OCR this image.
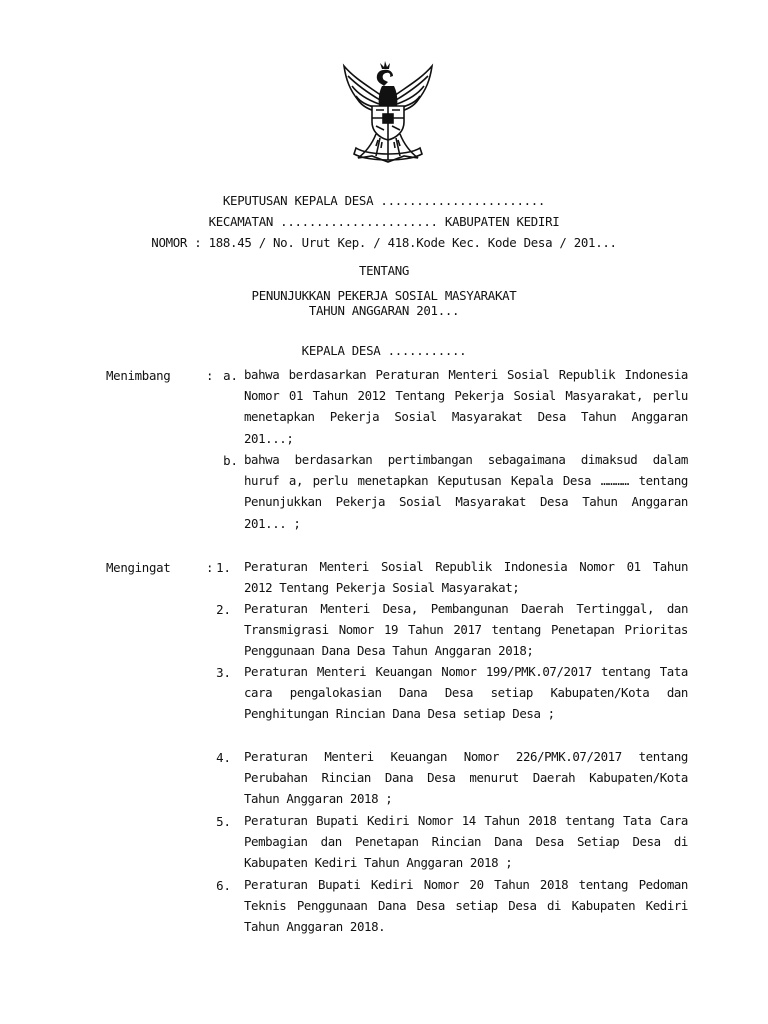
KEPUTUSAN KEPALA DESA .......................
KECAMATAN ...................... KABUPATEN KEDIRI
NOMOR : 188.45 / No. Urut Kep. / 418.Kode Kec. Kode Desa / 201...
TENTANG
PENUNJUKKAN PEKERJA SOSIAL MASYARAKAT
TAHUN ANGGARAN 201...
KEPALA DESA ...........
Menimbang	: a. bahwa berdasarkan Peraturan Menteri Sosial Republik Indonesia Nomor 01 Tahun 2012 Tentang Pekerja Sosial Masyarakat, perlu menetapkan Pekerja Sosial Masyarakat Desa Tahun Anggaran 201...;
b. bahwa berdasarkan pertimbangan sebagaimana dimaksud dalam huruf a, perlu menetapkan Keputusan Kepala Desa ………… tentang Penunjukkan Pekerja Sosial Masyarakat Desa Tahun Anggaran 201... ;
Mengingat	: 1. Peraturan Menteri Sosial Republik Indonesia Nomor 01 Tahun 2012 Tentang Pekerja Sosial Masyarakat;
2. Peraturan Menteri Desa, Pembangunan Daerah Tertinggal, dan Transmigrasi Nomor 19 Tahun 2017 tentang Penetapan Prioritas Penggunaan Dana Desa Tahun Anggaran 2018;
3. Peraturan Menteri Keuangan Nomor 199/PMK.07/2017 tentang Tata cara pengalokasian Dana Desa setiap Kabupaten/Kota dan Penghitungan Rincian Dana Desa setiap Desa ;
4. Peraturan Menteri Keuangan Nomor 226/PMK.07/2017 tentang Perubahan Rincian Dana Desa menurut Daerah Kabupaten/Kota Tahun Anggaran 2018 ;
5. Peraturan Bupati Kediri Nomor 14 Tahun 2018 tentang Tata Cara Pembagian dan Penetapan Rincian Dana Desa Setiap Desa di Kabupaten Kediri Tahun Anggaran 2018 ;
6. Peraturan Bupati Kediri Nomor 20 Tahun 2018 tentang Pedoman Teknis Penggunaan Dana Desa setiap Desa di Kabupaten Kediri Tahun Anggaran 2018.
